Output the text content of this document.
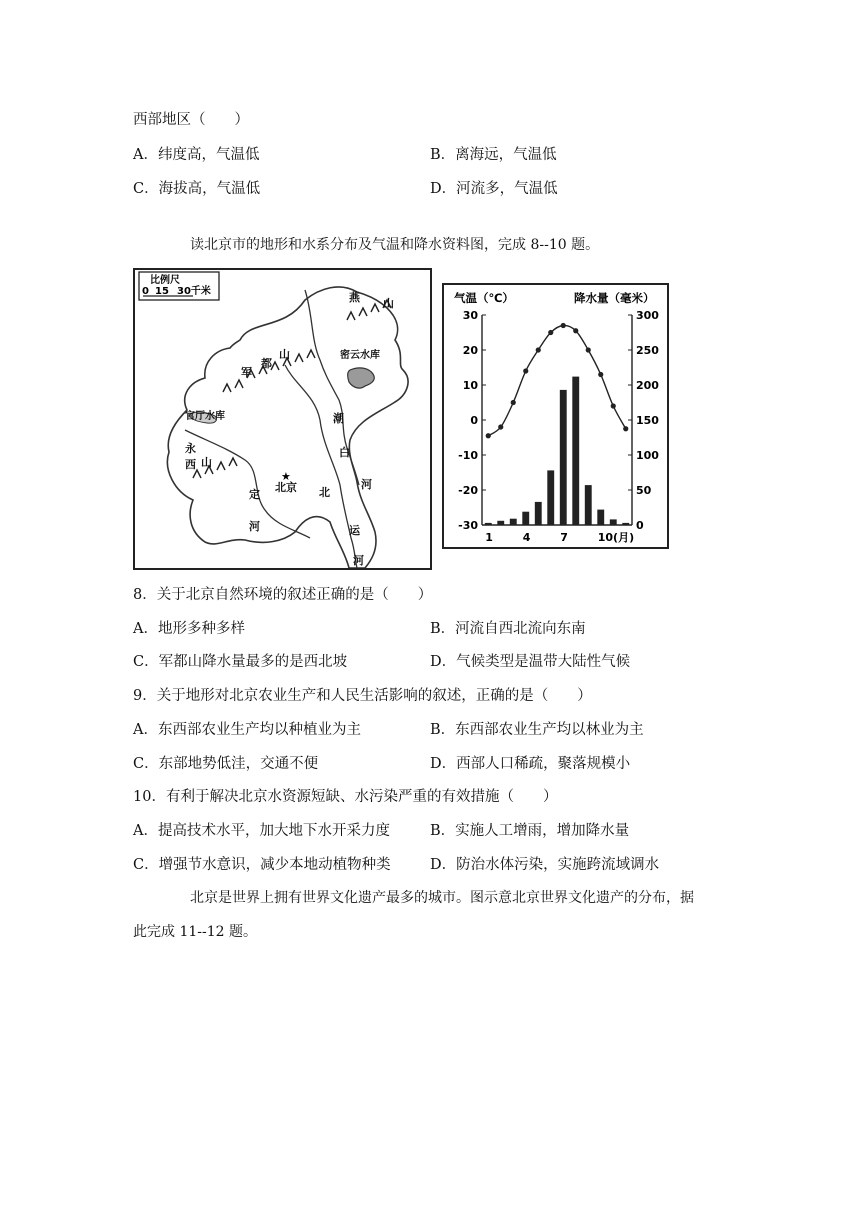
西部地区（　　）
A．纬度高，气温低	B．离海远，气温低
C．海拔高，气温低	D．河流多，气温低
读北京市的地形和水系分布及气温和降水资料图，完成 8--10 题。
比例尺
0 15 30千米
★
燕 山
军
都
山	密云水库
官厅水库
永
西 山
北京
定
河
潮
白
河
北
运
河
气温（℃）	降水量（毫米）
30
20
10
0
-10
-20
-30
300
250
200
150
100
50
0
1	4	7	10(月)
8．关于北京自然环境的叙述正确的是（　　）
A．地形多种多样	B．河流自西北流向东南
C．军都山降水量最多的是西北坡	D．气候类型是温带大陆性气候
9．关于地形对北京农业生产和人民生活影响的叙述，正确的是（　　）
A．东西部农业生产均以种植业为主	B．东西部农业生产均以林业为主
C．东部地势低洼，交通不便	D．西部人口稀疏，聚落规模小
10．有利于解决北京水资源短缺、水污染严重的有效措施（　　）
A．提高技术水平，加大地下水开采力度	B．实施人工增雨，增加降水量
C．增强节水意识，减少本地动植物种类	D．防治水体污染，实施跨流域调水
北京是世界上拥有世界文化遗产最多的城市。图示意北京世界文化遗产的分布，据
此完成 11--12 题。
